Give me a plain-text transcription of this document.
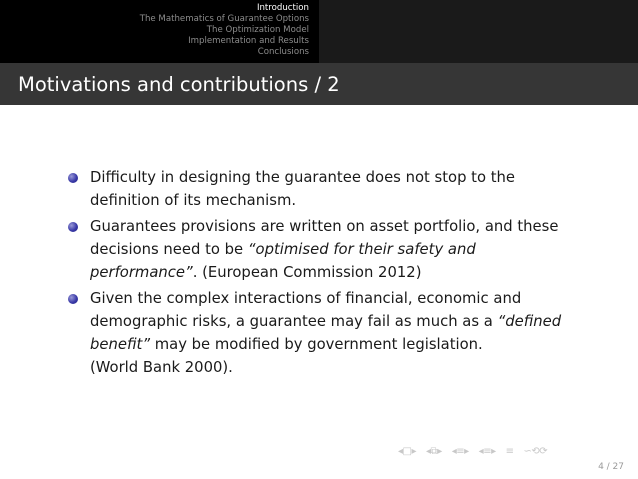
Introduction
The Mathematics of Guarantee Options
The Optimization Model
Implementation and Results
Conclusions
Motivations and contributions / 2
Difficulty in designing the guarantee does not stop to the
definition of its mechanism.
Guarantees provisions are written on asset portfolio, and these
decisions need to be “optimised for their safety and
performance”. (European Commission 2012)
Given the complex interactions of financial, economic and
demographic risks, a guarantee may fail as much as a “defined
benefit” may be modified by government legislation.
(World Bank 2000).
◂□▸ ◂⧉▸ ◂≡▸ ◂≡▸ ≡ ∽⟲⟳
4 / 27
